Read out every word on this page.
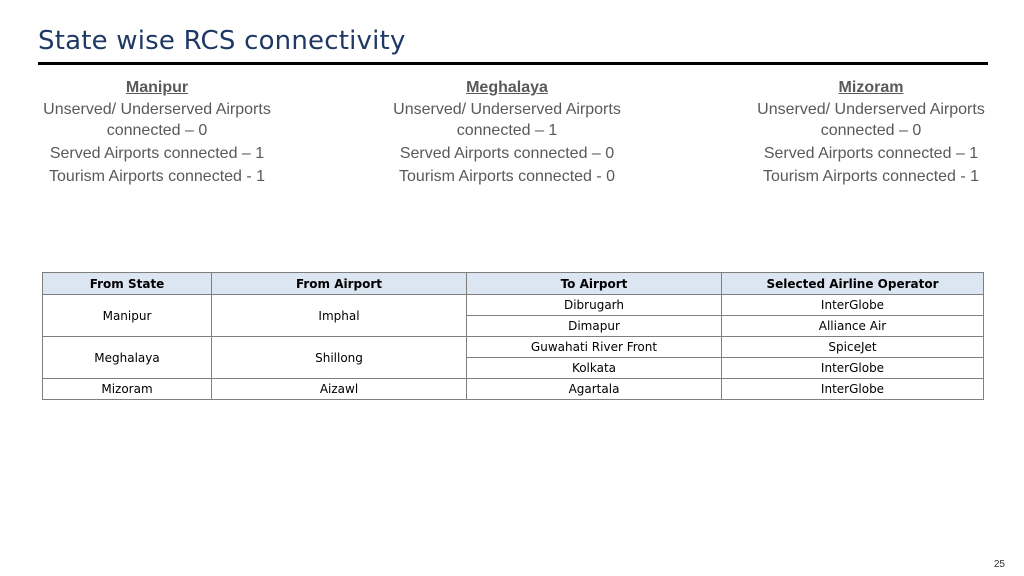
State wise RCS connectivity
Manipur
Unserved/ Underserved Airports
connected – 0
Served Airports connected – 1
Tourism Airports connected - 1
Meghalaya
Unserved/ Underserved Airports
connected – 1
Served Airports connected – 0
Tourism Airports connected - 0
Mizoram
Unserved/ Underserved Airports
connected – 0
Served Airports connected – 1
Tourism Airports connected - 1
From State	From Airport	To Airport	Selected Airline Operator
Manipur	Imphal	Dibrugarh	InterGlobe
		Dimapur	Alliance Air
Meghalaya	Shillong	Guwahati River Front	SpiceJet
		Kolkata	InterGlobe
Mizoram	Aizawl	Agartala	InterGlobe
25
